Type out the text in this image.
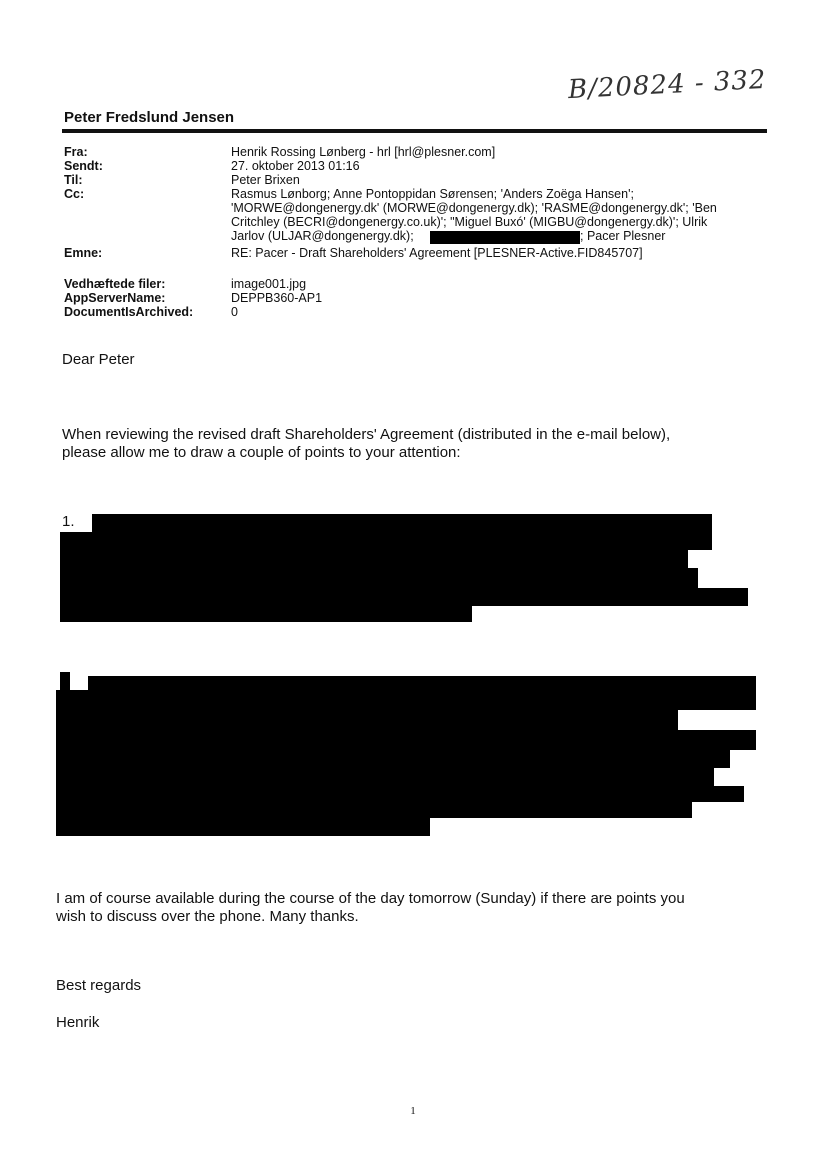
B/20824 - 332
Peter Fredslund Jensen
Fra:	Henrik Rossing Lønberg - hrl [hrl@plesner.com]
Sendt:	27. oktober 2013 01:16
Til:	Peter Brixen
Cc:	Rasmus Lønborg; Anne Pontoppidan Sørensen; 'Anders Zoëga Hansen';
'MORWE@dongenergy.dk' (MORWE@dongenergy.dk); 'RASME@dongenergy.dk'; 'Ben
Critchley (BECRI@dongenergy.co.uk)'; "Miguel Buxó' (MIGBU@dongenergy.dk)'; Ulrik
Jarlov (ULJAR@dongenergy.dk);	; Pacer Plesner
Emne:	RE: Pacer - Draft Shareholders' Agreement [PLESNER-Active.FID845707]
Vedhæftede filer:	image001.jpg
AppServerName:	DEPPB360-AP1
DocumentIsArchived:	0
Dear Peter
When reviewing the revised draft Shareholders' Agreement (distributed in the e-mail below),
please allow me to draw a couple of points to your attention:
1.
I am of course available during the course of the day tomorrow (Sunday) if there are points you
wish to discuss over the phone. Many thanks.
Best regards
Henrik
1
